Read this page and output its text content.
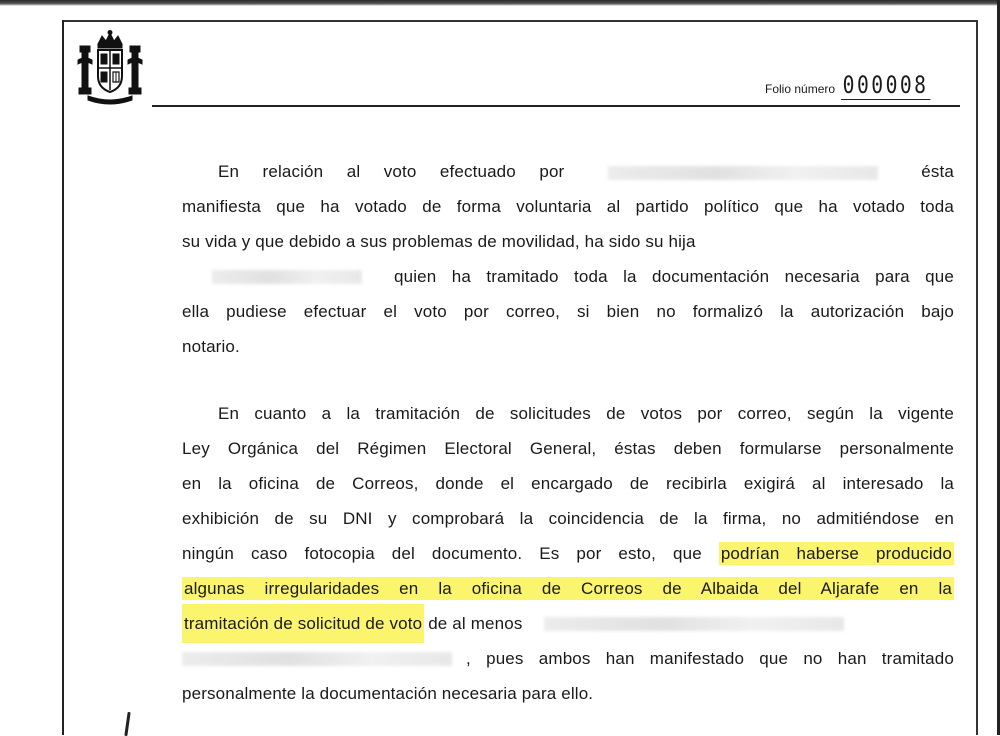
Folio número 000008
En relación al voto efectuado por	ésta
manifiesta que ha votado de forma voluntaria al partido político que ha votado toda
su vida y que debido a sus problemas de movilidad, ha sido su hija
quien ha tramitado toda la documentación necesaria para que
ella pudiese efectuar el voto por correo, si bien no formalizó la autorización bajo
notario.
En cuanto a la tramitación de solicitudes de votos por correo, según la vigente
Ley Orgánica del Régimen Electoral General, éstas deben formularse personalmente
en la oficina de Correos, donde el encargado de recibirla exigirá al interesado la
exhibición de su DNI y comprobará la coincidencia de la firma, no admitiéndose en
ningún caso fotocopia del documento. Es por esto, que podrían haberse producido
algunas irregularidades en la oficina de Correos de Albaida del Aljarafe en la
tramitación de solicitud de voto de al menos
, pues ambos han manifestado que no han tramitado
personalmente la documentación necesaria para ello.
